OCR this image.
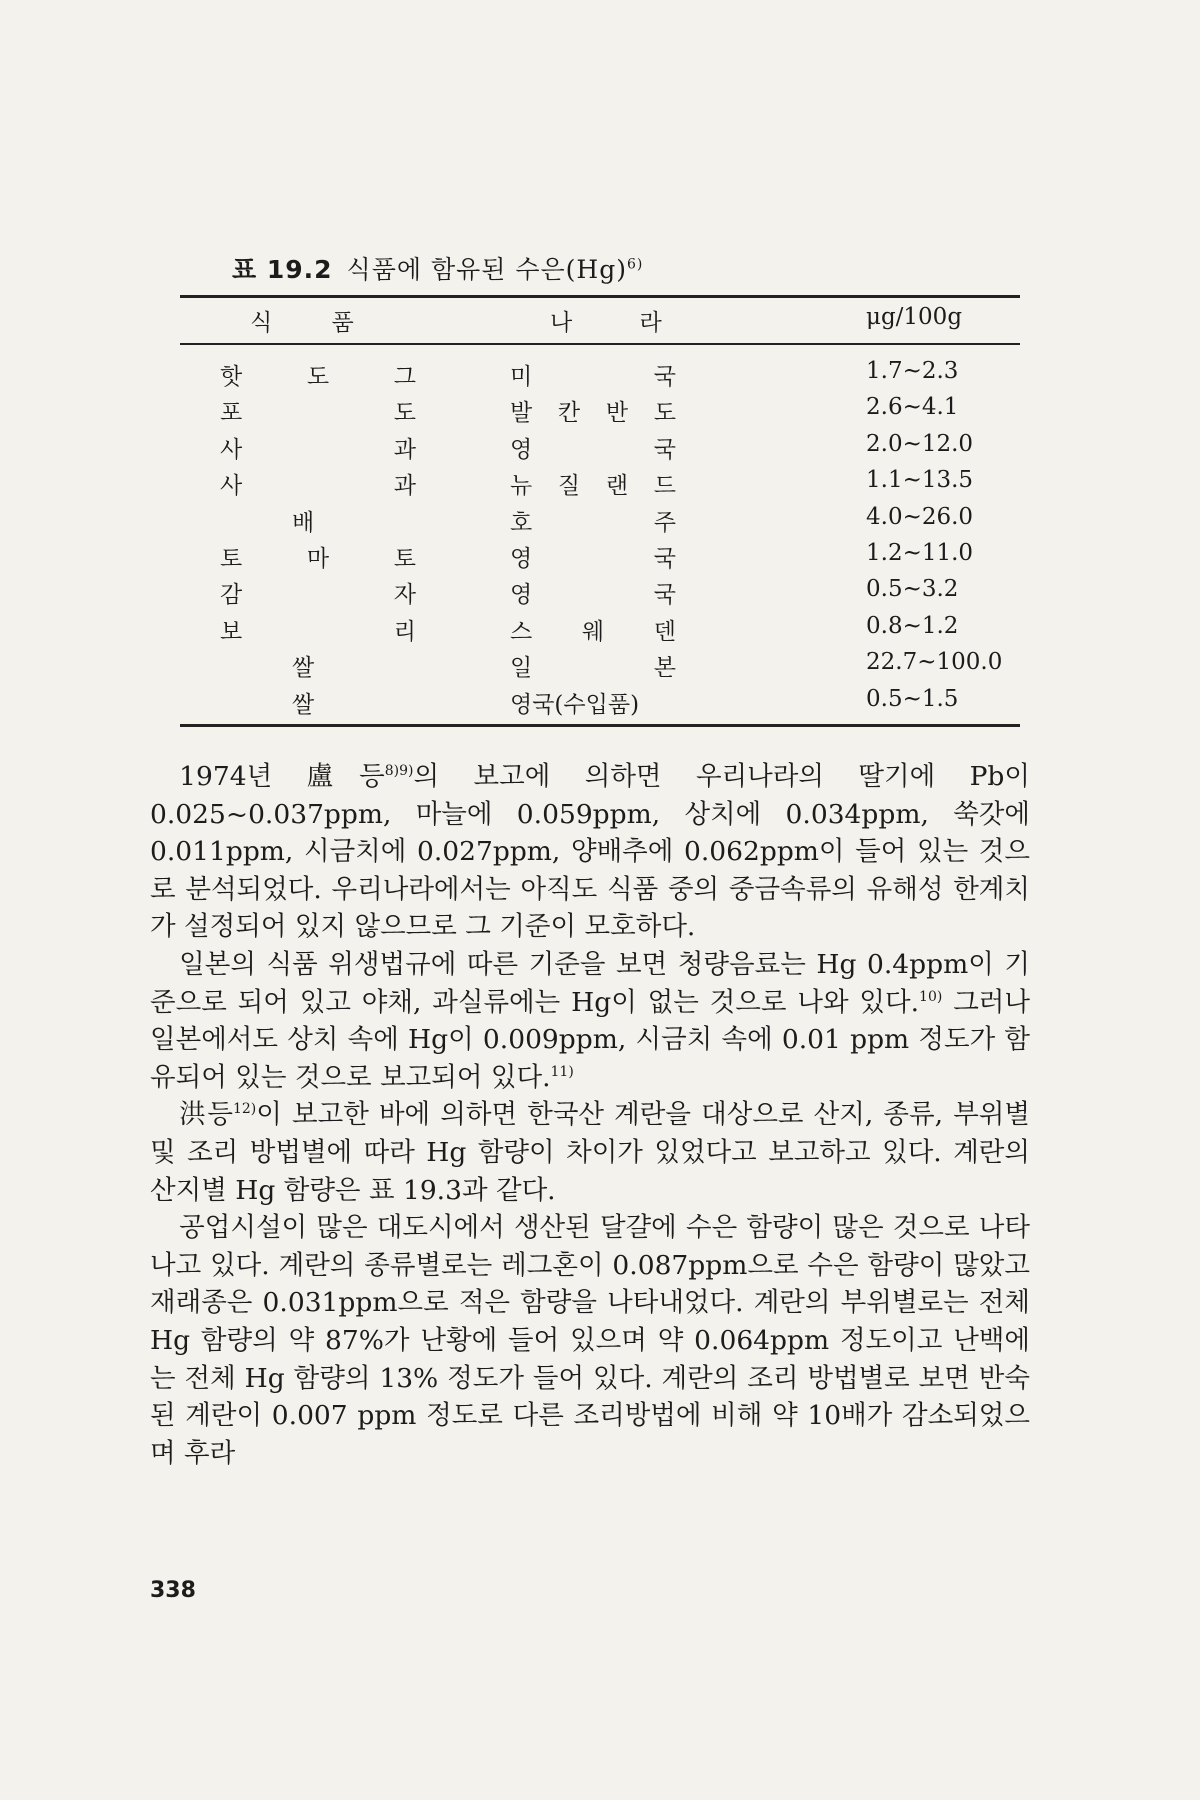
표 19.2 식품에 함유된 수은$(Hg)^{6)}$
식 품	나 라	μg/100g
핫 도 그	미 국	1.7~2.3
포 도	발 칸 반 도	2.6~4.1
사 과	영 국	2.0~12.0
사 과	뉴 질 랜 드	1.1~13.5
배	호 주	4.0~26.0
토 마 토	영 국	1.2~11.0
감 자	영 국	0.5~3.2
보 리	스 웨 덴	0.8~1.2
쌀	일 본	22.7~100.0
쌀	영국(수입품)	0.5~1.5

1974년 盧등$^{8)9)}$의 보고에 의하면 우리나라의 딸기에 Pb이 0.025~0.037ppm, 마늘에 0.059ppm, 상치에 0.034ppm, 쑥갓에 0.011ppm, 시금치에 0.027ppm, 양배추에 0.062ppm이 들어 있는 것으로 분석되었다. 우리나라에서는 아직도 식품 중의 중금속류의 유해성 한계치가 설정되어 있지 않으므로 그 기준이 모호하다.

일본의 식품 위생법규에 따른 기준을 보면 청량음료는 Hg 0.4ppm이 기준으로 되어 있고 야채, 과실류에는 Hg이 없는 것으로 나와 있다.$^{10)}$ 그러나 일본에서도 상치 속에 Hg이 0.009ppm, 시금치 속에 0.01 ppm 정도가 함유되어 있는 것으로 보고되어 있다.$^{11)}$

洪등$^{12)}$이 보고한 바에 의하면 한국산 계란을 대상으로 산지, 종류, 부위별 및 조리 방법별에 따라 Hg 함량이 차이가 있었다고 보고하고 있다. 계란의 산지별 Hg 함량은 표 19.3과 같다.

공업시설이 많은 대도시에서 생산된 달걀에 수은 함량이 많은 것으로 나타나고 있다. 계란의 종류별로는 레그혼이 0.087ppm으로 수은 함량이 많았고 재래종은 0.031ppm으로 적은 함량을 나타내었다. 계란의 부위별로는 전체 Hg 함량의 약 87%가 난황에 들어 있으며 약 0.064ppm 정도이고 난백에는 전체 Hg 함량의 13% 정도가 들어 있다. 계란의 조리 방법별로 보면 반숙된 계란이 0.007 ppm 정도로 다른 조리방법에 비해 약 10배가 감소되었으며 후라

338
